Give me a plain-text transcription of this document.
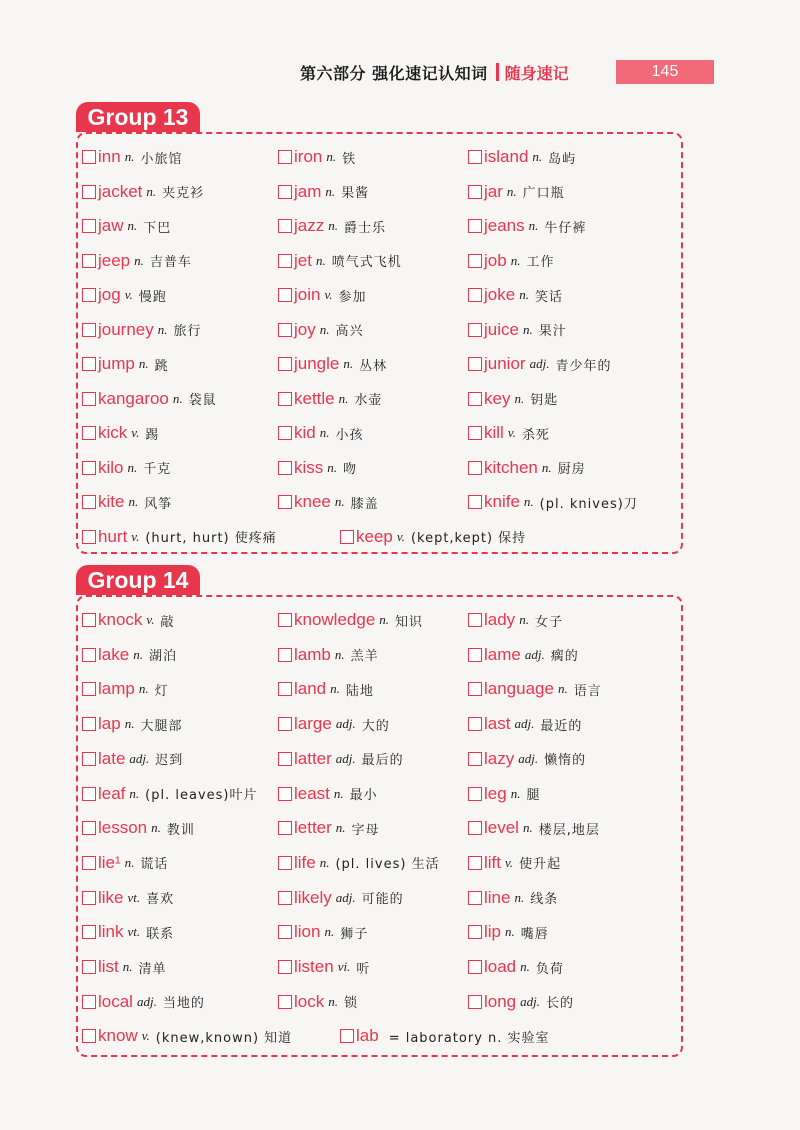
第六部分 强化速记认知词 随身速记	145
Group 13
inn n. 小旅馆	iron n. 铁	island n. 岛屿
jacket n. 夹克衫	jam n. 果酱	jar n. 广口瓶
jaw n. 下巴	jazz n. 爵士乐	jeans n. 牛仔裤
jeep n. 吉普车	jet n. 喷气式飞机	job n. 工作
jog v. 慢跑	join v. 参加	joke n. 笑话
journey n. 旅行	joy n. 高兴	juice n. 果汁
jump n. 跳	jungle n. 丛林	junior adj. 青少年的
kangaroo n. 袋鼠	kettle n. 水壶	key n. 钥匙
kick v. 踢	kid n. 小孩	kill v. 杀死
kilo n. 千克	kiss n. 吻	kitchen n. 厨房
kite n. 风筝	knee n. 膝盖	knife n. (pl. knives)刀
hurt v. (hurt, hurt) 使疼痛	keep v. (kept,kept) 保持
Group 14
knock v. 敲	knowledge n. 知识	lady n. 女子
lake n. 湖泊	lamb n. 羔羊	lame adj. 瘸的
lamp n. 灯	land n. 陆地	language n. 语言
lap n. 大腿部	large adj. 大的	last adj. 最近的
late adj. 迟到	latter adj. 最后的	lazy adj. 懒惰的
leaf n. (pl. leaves)叶片 least n. 最小	leg n. 腿
lesson n. 教训	letter n. 字母	level n. 楼层,地层
lie¹ n. 谎话	life n. (pl. lives) 生活	lift v. 使升起
like vt. 喜欢	likely adj. 可能的	line n. 线条
link vt. 联系	lion n. 狮子	lip n. 嘴唇
list n. 清单	listen vi. 听	load n. 负荷
local adj. 当地的	lock n. 锁	long adj. 长的
know v. (knew,known) 知道	lab = laboratory n. 实验室
